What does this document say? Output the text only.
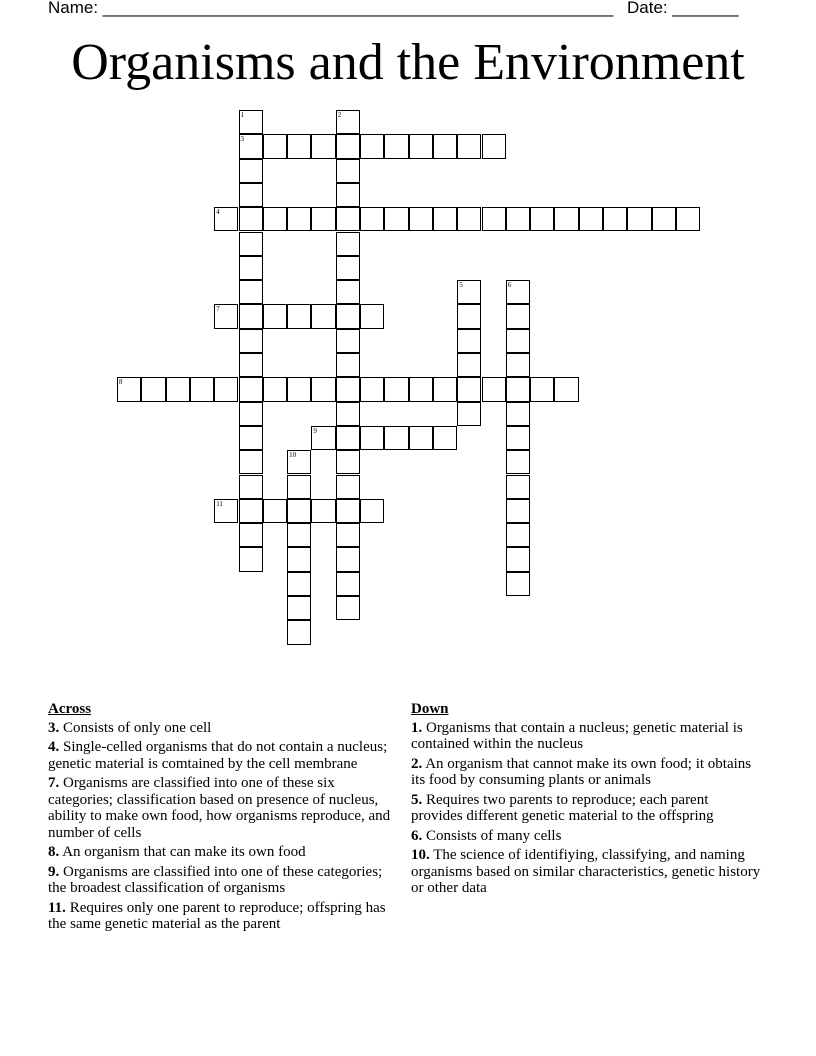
Name: ______________________________________________________ Date: _______
Organisms and the Environment
1
3
2
4
5	6
7
8
9
10
11
Across
3. Consists of only one cell
4. Single-celled organisms that do not contain a nucleus; genetic material is comtained by the cell membrane
7. Organisms are classified into one of these six categories; classification based on presence of nucleus, ability to make own food, how organisms reproduce, and number of cells
8. An organism that can make its own food
9. Organisms are classified into one of these categories; the broadest classification of organisms
11. Requires only one parent to reproduce; offspring has the same genetic material as the parent
Down
1. Organisms that contain a nucleus; genetic material is contained within the nucleus
2. An organism that cannot make its own food; it obtains its food by consuming plants or animals
5. Requires two parents to reproduce; each parent provides different genetic material to the offspring
6. Consists of many cells
10. The science of identifiying, classifying, and naming organisms based on similar characteristics, genetic history or other data
